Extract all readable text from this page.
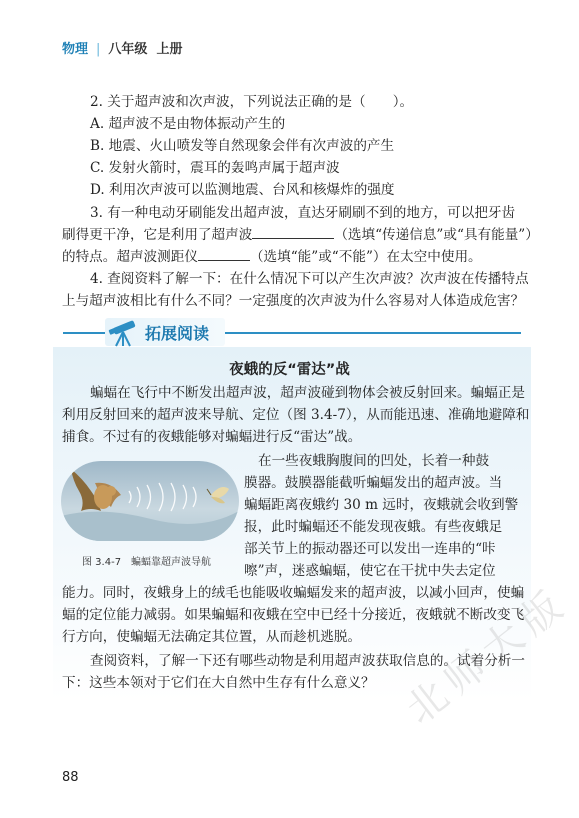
物理 | 八年级 上册
2. 关于超声波和次声波，下列说法正确的是（　　）。
A. 超声波不是由物体振动产生的
B. 地震、火山喷发等自然现象会伴有次声波的产生
C. 发射火箭时，震耳的轰鸣声属于超声波
D. 利用次声波可以监测地震、台风和核爆炸的强度
3. 有一种电动牙刷能发出超声波，直达牙刷刷不到的地方，可以把牙齿
刷得更干净，它是利用了超声波	（选填“传递信息”或“具有能量”）
的特点。超声波测距仪	（选填“能”或“不能”）在太空中使用。
4. 查阅资料了解一下：在什么情况下可以产生次声波？次声波在传播特点
上与超声波相比有什么不同？一定强度的次声波为什么容易对人体造成危害？
拓展阅读
夜蛾的反“雷达”战
蝙蝠在飞行中不断发出超声波，超声波碰到物体会被反射回来。蝙蝠正是
利用反射回来的超声波来导航、定位（图 3.4-7），从而能迅速、准确地避障和
捕食。不过有的夜蛾能够对蝙蝠进行反“雷达”战。
图 3.4-7　蝙蝠靠超声波导航
在一些夜蛾胸腹间的凹处，长着一种鼓
膜器。鼓膜器能截听蝙蝠发出的超声波。当
蝙蝠距离夜蛾约 30 m 远时，夜蛾就会收到警
报，此时蝙蝠还不能发现夜蛾。有些夜蛾足
部关节上的振动器还可以发出一连串的“咔
嚓”声，迷惑蝙蝠，使它在干扰中失去定位
能力。同时，夜蛾身上的绒毛也能吸收蝙蝠发来的超声波，以减小回声，使蝙
蝠的定位能力减弱。如果蝙蝠和夜蛾在空中已经十分接近，夜蛾就不断改变飞
行方向，使蝙蝠无法确定其位置，从而趁机逃脱。
查阅资料，了解一下还有哪些动物是利用超声波获取信息的。试着分析一
下：这些本领对于它们在大自然中生存有什么意义？
88
北师大版
